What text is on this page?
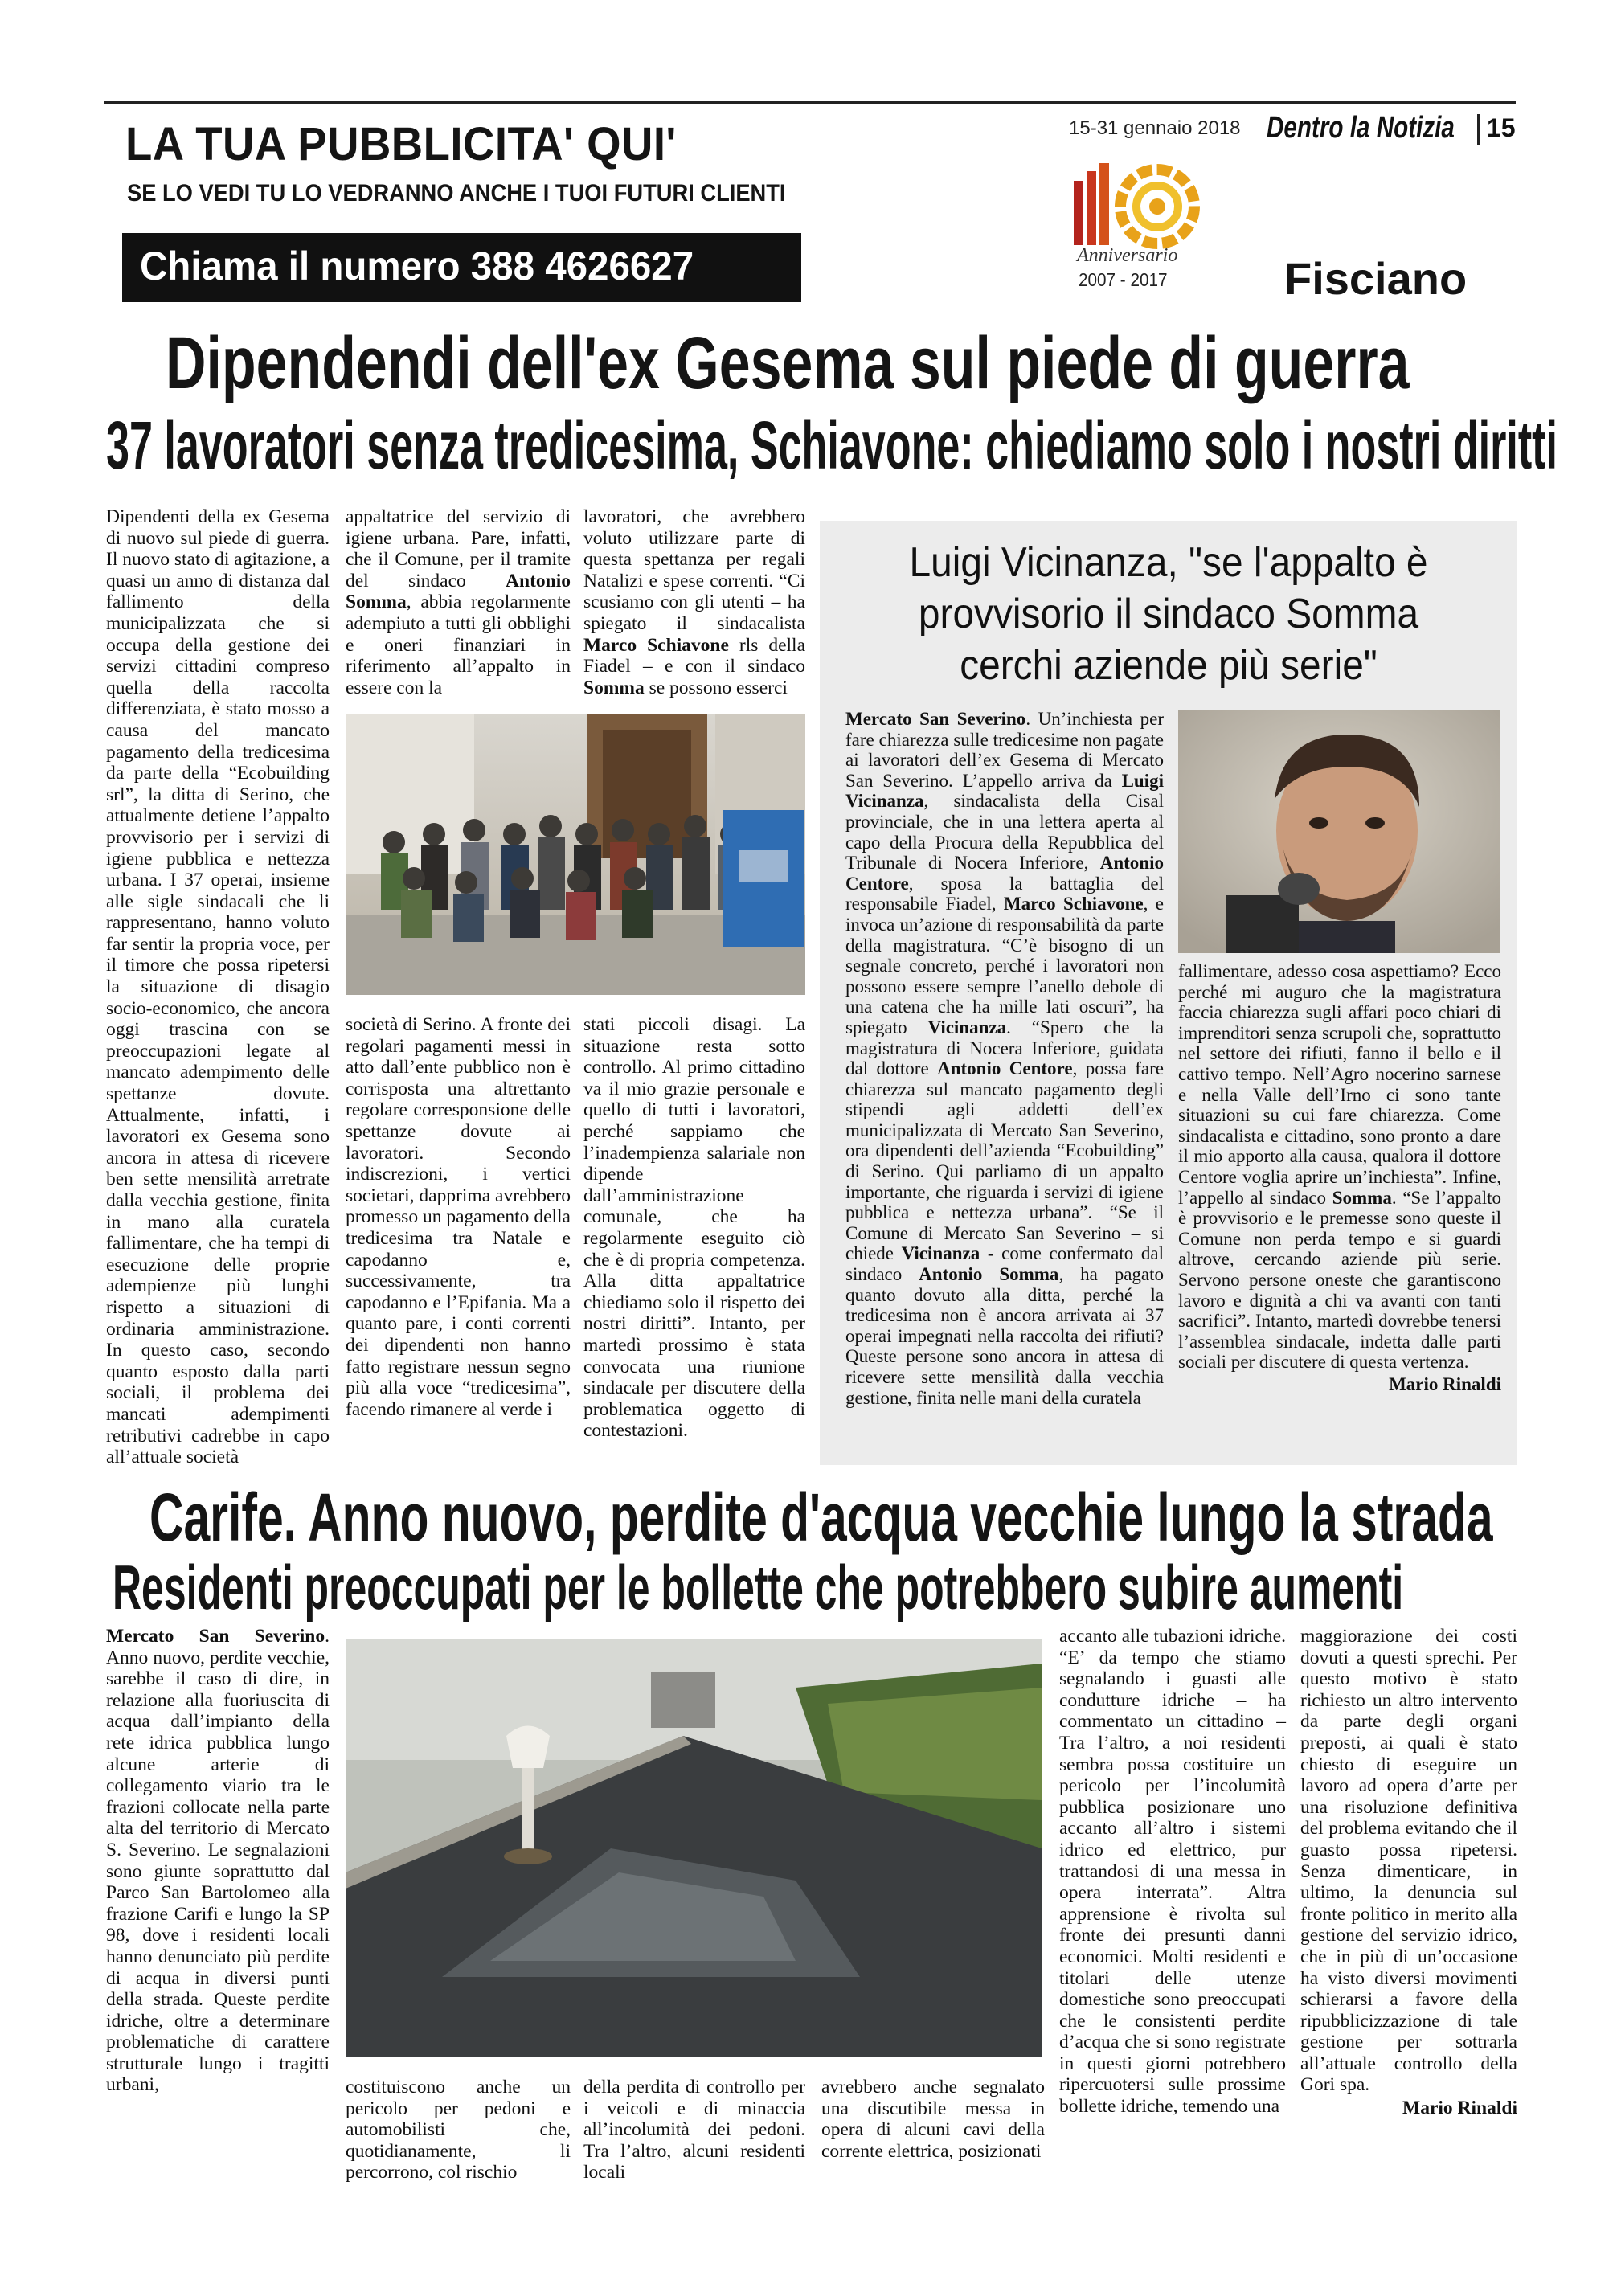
LA TUA PUBBLICITA' QUI'
SE LO VEDI TU LO VEDRANNO ANCHE I TUOI FUTURI CLIENTI
Chiama il numero 388 4626627
15-31 gennaio 2018 Dentro la Notizia 15
Anniversario
2007 - 2017	Fisciano
Dipendendi dell'ex Gesema sul piede di guerra
37 lavoratori senza tredicesima, Schiavone: chiediamo solo i nostri diritti

Dipendenti della ex Gesema di nuovo sul piede di guerra. Il nuovo stato di agitazione, a quasi un anno di distanza dal fallimento della municipalizzata che si occupa della gestione dei servizi cittadini compreso quella della raccolta differenziata, è stato mosso a causa del mancato pagamento della tredicesima da parte della “Ecobuilding srl”, la ditta di Serino, che attualmente detiene l’appalto provvisorio per i servizi di igiene pubblica e nettezza urbana. I 37 operai, insieme alle sigle sindacali che li rappresentano, hanno voluto far sentir la propria voce, per il timore che possa ripetersi la situazione di disagio socio-economico, che ancora oggi trascina con se preoccupazioni legate al mancato adempimento delle spettanze dovute. Attualmente, infatti, i lavoratori ex Gesema sono ancora in attesa di ricevere ben sette mensilità arretrate dalla vecchia gestione, finita in mano alla curatela fallimentare, che ha tempi di esecuzione delle proprie adempienze più lunghi rispetto a situazioni di ordinaria amministrazione. In questo caso, secondo quanto esposto dalla parti sociali, il problema dei mancati adempimenti retributivi cadrebbe in capo all’attuale società

appaltatrice del servizio di igiene urbana. Pare, infatti, che il Comune, per il tramite del sindaco Antonio Somma, abbia regolarmente adempiuto a tutti gli obblighi e oneri finanziari in riferimento all’appalto in essere con la

lavoratori, che avrebbero voluto utilizzare parte di questa spettanza per regali Natalizi e spese correnti. “Ci scusiamo con gli utenti – ha spiegato il sindacalista Marco Schiavone rls della Fiadel – e con il sindaco Somma se possono esserci

società di Serino. A fronte dei regolari pagamenti messi in atto dall’ente pubblico non è corrisposta una altrettanto regolare corresponsione delle spettanze dovute ai lavoratori. Secondo indiscrezioni, i vertici societari, dapprima avrebbero promesso un pagamento della tredicesima tra Natale e capodanno e, successivamente, tra capodanno e l’Epifania. Ma a quanto pare, i conti correnti dei dipendenti non hanno fatto registrare nessun segno più alla voce “tredicesima”, facendo rimanere al verde i

stati piccoli disagi. La situazione resta sotto controllo. Al primo cittadino va il mio grazie personale e quello di tutti i lavoratori, perché sappiamo che l’inadempienza salariale non dipende dall’amministrazione comunale, che ha regolarmente eseguito ciò che è di propria competenza. Alla ditta appaltatrice chiediamo solo il rispetto dei nostri diritti”. Intanto, per martedì prossimo è stata convocata una riunione sindacale per discutere della problematica oggetto di contestazioni.

Luigi Vicinanza, "se l'appalto è provvisorio il sindaco Somma cerchi aziende più serie"

Mercato San Severino. Un’inchiesta per fare chiarezza sulle tredicesime non pagate ai lavoratori dell’ex Gesema di Mercato San Severino. L’appello arriva da Luigi Vicinanza, sindacalista della Cisal provinciale, che in una lettera aperta al capo della Procura della Repubblica del Tribunale di Nocera Inferiore, Antonio Centore, sposa la battaglia del responsabile Fiadel, Marco Schiavone, e invoca un’azione di responsabilità da parte della magistratura. “C’è bisogno di un segnale concreto, perché i lavoratori non possono essere sempre l’anello debole di una catena che ha mille lati oscuri”, ha spiegato Vicinanza. “Spero che la magistratura di Nocera Inferiore, guidata dal dottore Antonio Centore, possa fare chiarezza sul mancato pagamento degli stipendi agli addetti dell’ex municipalizzata di Mercato San Severino, ora dipendenti dell’azienda “Ecobuilding” di Serino. Qui parliamo di un appalto importante, che riguarda i servizi di igiene pubblica e nettezza urbana”. “Se il Comune di Mercato San Severino – si chiede Vicinanza - come confermato dal sindaco Antonio Somma, ha pagato quanto dovuto alla ditta, perché la tredicesima non è ancora arrivata ai 37 operai impegnati nella raccolta dei rifiuti? Queste persone sono ancora in attesa di ricevere sette mensilità dalla vecchia gestione, finita nelle mani della curatela

fallimentare, adesso cosa aspettiamo? Ecco perché mi auguro che la magistratura faccia chiarezza sugli affari poco chiari di imprenditori senza scrupoli che, soprattutto nel settore dei rifiuti, fanno il bello e il cattivo tempo. Nell’Agro nocerino sarnese e nella Valle dell’Irno ci sono tante situazioni su cui fare chiarezza. Come sindacalista e cittadino, sono pronto a dare il mio apporto alla causa, qualora il dottore Centore voglia aprire un’inchiesta”. Infine, l’appello al sindaco Somma. “Se l’appalto è provvisorio e le premesse sono queste il Comune non perda tempo e si guardi altrove, cercando aziende più serie. Servono persone oneste che garantiscono lavoro e dignità a chi va avanti con tanti sacrifici”. Intanto, martedì dovrebbe tenersi l’assemblea sindacale, indetta dalle parti sociali per discutere di questa vertenza.

Mario Rinaldi

Carife. Anno nuovo, perdite d'acqua vecchie lungo la strada
Residenti preoccupati per le bollette che potrebbero subire aumenti

Mercato San Severino. Anno nuovo, perdite vecchie, sarebbe il caso di dire, in relazione alla fuoriuscita di acqua dall’impianto della rete idrica pubblica lungo alcune arterie di collegamento viario tra le frazioni collocate nella parte alta del territorio di Mercato S. Severino. Le segnalazioni sono giunte soprattutto dal Parco San Bartolomeo alla frazione Carifi e lungo la SP 98, dove i residenti locali hanno denunciato più perdite di acqua in diversi punti della strada. Queste perdite idriche, oltre a determinare problematiche di carattere strutturale lungo i tragitti urbani,	costituiscono anche un pericolo per pedoni e automobilisti che, quotidianamente, li percorrono, col rischio

della perdita di controllo per i veicoli e di minaccia all’incolumità dei pedoni. Tra l’altro, alcuni residenti locali

avrebbero anche segnalato una discutibile messa in opera di alcuni cavi della corrente elettrica, posizionati

accanto alle tubazioni idriche. “E’ da tempo che stiamo segnalando i guasti alle condutture idriche – ha commentato un cittadino –Tra l’altro, a noi residenti sembra possa costituire un pericolo per l’incolumità pubblica posizionare uno accanto all’altro i sistemi idrico ed elettrico, pur trattandosi di una messa in opera interrata”. Altra apprensione è rivolta sul fronte dei presunti danni economici. Molti residenti e titolari delle utenze domestiche sono preoccupati che le consistenti perdite d’acqua che si sono registrate in questi giorni potrebbero ripercuotersi sulle prossime bollette idriche, temendo una

maggiorazione dei costi dovuti a questi sprechi. Per questo motivo è stato richiesto un altro intervento da parte degli organi preposti, ai quali è stato chiesto di eseguire un lavoro ad opera d’arte per una risoluzione definitiva del problema evitando che il guasto possa ripetersi. Senza dimenticare, in ultimo, la denuncia sul fronte politico in merito alla gestione del servizio idrico, che in più di un’occasione ha visto diversi movimenti schierarsi a favore della ripubblicizzazione di tale gestione per sottrarla all’attuale controllo della Gori spa.

Mario Rinaldi
